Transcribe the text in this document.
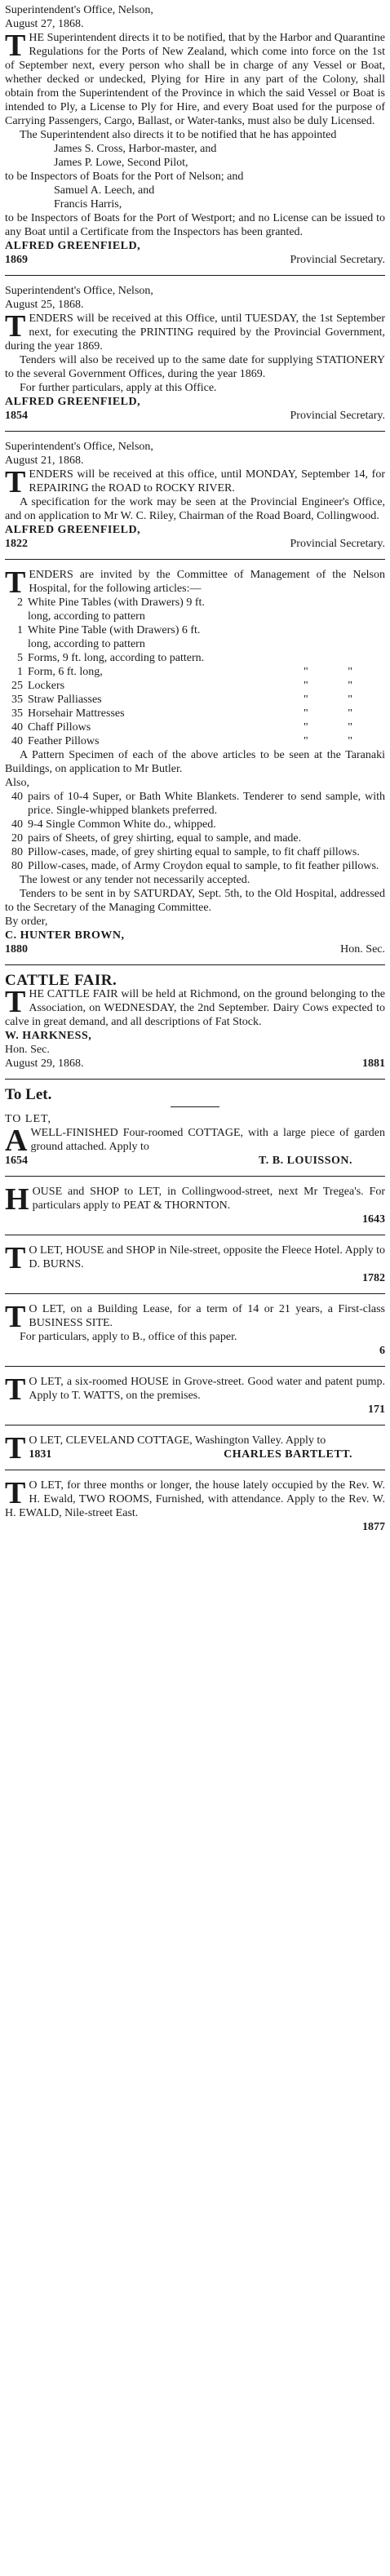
Superintendent's Office, Nelson,

August 27, 1868.

THE Superintendent directs it to be notified, that by the Harbor and Quarantine Regulations for the Ports of New Zealand, which come into force on the 1st of September next, every person who shall be in charge of any Vessel or Boat, whether decked or undecked, Plying for Hire in any part of the Colony, shall obtain from the Superintendent of the Province in which the said Vessel or Boat is intended to Ply, a License to Ply for Hire, and every Boat used for the purpose of Carrying Passengers, Cargo, Ballast, or Water-tanks, must also be duly Licensed.

The Superintendent also directs it to be notified that he has appointed

James S. Cross, Harbor-master, and

James P. Lowe, Second Pilot,

to be Inspectors of Boats for the Port of Nelson; and

Samuel A. Leech, and

Francis Harris,

to be Inspectors of Boats for the Port of Westport; and no License can be issued to any Boat until a Certificate from the Inspectors has been granted.

ALFRED GREENFIELD,

1869	Provincial Secretary.

Superintendent's Office, Nelson,

August 25, 1868.

TENDERS will be received at this Office, until TUESDAY, the 1st September next, for executing the PRINTING required by the Provincial Government, during the year 1869.

Tenders will also be received up to the same date for supplying STATIONERY to the several Government Offices, during the year 1869.

For further particulars, apply at this Office.

ALFRED GREENFIELD,

1854	Provincial Secretary.

Superintendent's Office, Nelson,

August 21, 1868.

TENDERS will be received at this office, until MONDAY, September 14, for REPAIRING the ROAD to ROCKY RIVER.

A specification for the work may be seen at the Provincial Engineer's Office, and on application to Mr W. C. Riley, Chairman of the Road Board, Collingwood.

ALFRED GREENFIELD,

1822	Provincial Secretary.

TENDERS are invited by the Committee of Management of the Nelson Hospital, for the following articles:—

2 White Pine Tables (with Drawers) 9 ft.

long, according to pattern

1 White Pine Table (with Drawers) 6 ft.

long, according to pattern

5 Forms, 9 ft. long, according to pattern.
1 Form, 6 ft. long,	"	"
25 Lockers	"	"
35 Straw Palliasses	"	"
35 Horsehair Mattresses	"	"
40 Chaff Pillows	"	"
40 Feather Pillows	"	"

A Pattern Specimen of each of the above articles to be seen at the Taranaki Buildings, on application to Mr Butler.

Also,

40 pairs of 10-4 Super, or Bath White Blankets. Tenderer to send sample, with price. Single-whipped blankets preferred.
40 9-4 Single Common White do., whipped.
20 pairs of Sheets, of grey shirting, equal to sample, and made.
80 Pillow-cases, made, of grey shirting equal to sample, to fit chaff pillows.
80 Pillow-cases, made, of Army Croydon equal to sample, to fit feather pillows.

The lowest or any tender not necessarily accepted.

Tenders to be sent in by SATURDAY, Sept. 5th, to the Old Hospital, addressed to the Secretary of the Managing Committee.

By order,

C. HUNTER BROWN,

1880	Hon. Sec.

CATTLE FAIR.

THE CATTLE FAIR will be held at Richmond, on the ground belonging to the Association, on WEDNESDAY, the 2nd September. Dairy Cows expected to calve in great demand, and all descriptions of Fat Stock.

W. HARKNESS,

Hon. Sec.

August 29, 1868.	1881

To Let.

TO LET,

AWELL-FINISHED Four-roomed COTTAGE, with a large piece of garden ground attached. Apply to

1654	T. B. LOUISSON.

HOUSE and SHOP to LET, in Collingwood-street, next Mr Tregea's. For particulars apply to PEAT & THORNTON.

1643

T O LET, HOUSE and SHOP in Nile-street, opposite the Fleece Hotel. Apply to D. BURNS.

1782

T O LET, on a Building Lease, for a term of 14 or 21 years, a First-class BUSINESS SITE.

For particulars, apply to B., office of this paper.

6

T O LET, a six-roomed HOUSE in Grove-street. Good water and patent pump. Apply to T. WATTS, on the premises.

171

T O LET, CLEVELAND COTTAGE, Washington Valley. Apply to

1831	CHARLES BARTLETT.

T O LET, for three months or longer, the house lately occupied by the Rev. W. H. Ewald, TWO ROOMS, Furnished, with attendance. Apply to the Rev. W. H. EWALD, Nile-street East.

1877
